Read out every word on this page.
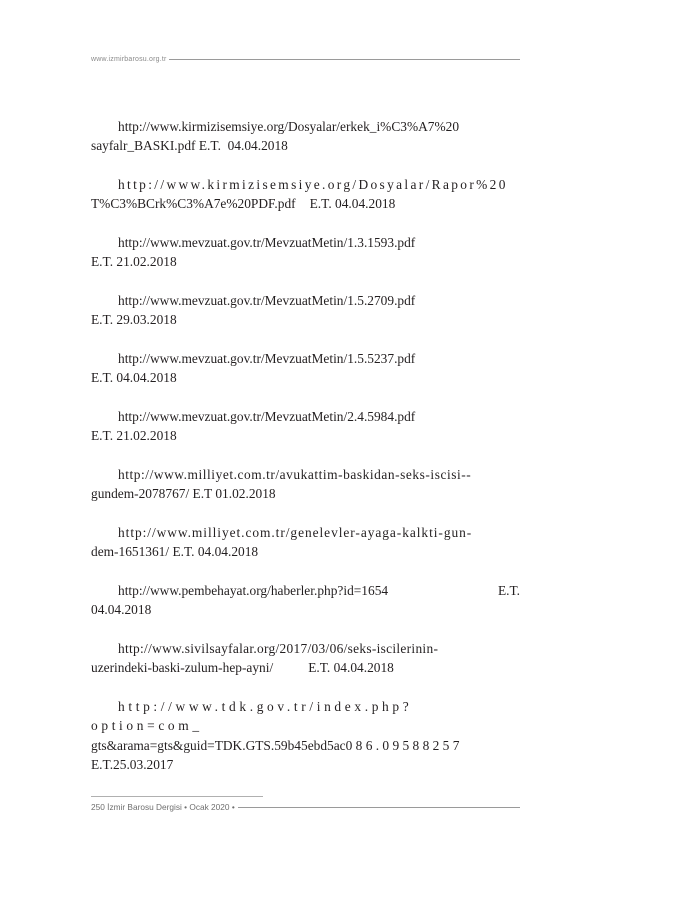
www.izmirbarosu.org.tr

http://www.kirmizisemsiye.org/Dosyalar/erkek_i%C3%A7%20

sayfalr_BASKI.pdf E.T.  04.04.2018

http://www.kirmizisemsiye.org/Dosyalar/Rapor%20

T%C3%BCrk%C3%A7e%20PDF.pdf E.T. 04.04.2018

http://www.mevzuat.gov.tr/MevzuatMetin/1.3.1593.pdf

E.T. 21.02.2018

http://www.mevzuat.gov.tr/MevzuatMetin/1.5.2709.pdf

E.T. 29.03.2018

http://www.mevzuat.gov.tr/MevzuatMetin/1.5.5237.pdf

E.T. 04.04.2018

http://www.mevzuat.gov.tr/MevzuatMetin/2.4.5984.pdf

E.T. 21.02.2018

http://www.milliyet.com.tr/avukattim-baskidan-seks-iscisi--

gundem-2078767/ E.T 01.02.2018

http://www.milliyet.com.tr/genelevler-ayaga-kalkti-gun-

dem-1651361/ E.T. 04.04.2018

http://www.pembehayat.org/haberler.php?id=1654	E.T.

04.04.2018

http://www.sivilsayfalar.org/2017/03/06/seks-iscilerinin-

uzerindeki-baski-zulum-hep-ayni/	E.T. 04.04.2018

http://www.tdk.gov.tr/index.php?option=com_

gts&arama=gts&guid=TDK.GTS.59b45ebd5ac0 8 6 . 0 9 5 8 8 2 5 7

E.T.25.03.2017

250 İzmir Barosu Dergisi • Ocak 2020 •
